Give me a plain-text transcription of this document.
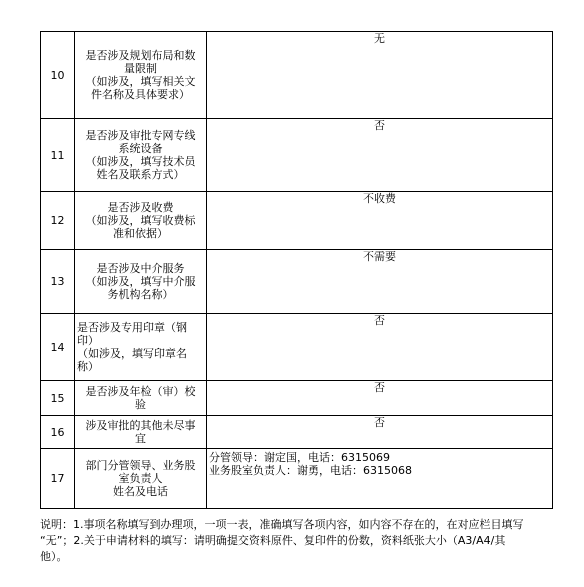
10	是否涉及规划布局和数
量限制
（如涉及，填写相关文
件名称及具体要求）	无

11	是否涉及审批专网专线
系统设备
（如涉及，填写技术员
姓名及联系方式）	否

12	是否涉及收费
（如涉及，填写收费标
准和依据）	不收费

13	是否涉及中介服务
（如涉及，填写中介服
务机构名称）	不需要

14	是否涉及专用印章（钢
印）
（如涉及，填写印章名
称）	否

15	是否涉及年检（审）校
验	否

16	涉及审批的其他未尽事
宜	否

17	部门分管领导、业务股
室负责人
姓名及电话	分管领导：谢定国，电话：6315069
业务股室负责人：谢勇，电话：6315068
说明：1.事项名称填写到办理项，一项一表，准确填写各项内容，如内容不存在的，在对应栏目填写
“无”；2.关于申请材料的填写：请明确提交资料原件、复印件的份数，资料纸张大小（A3/A4/其
他）。
